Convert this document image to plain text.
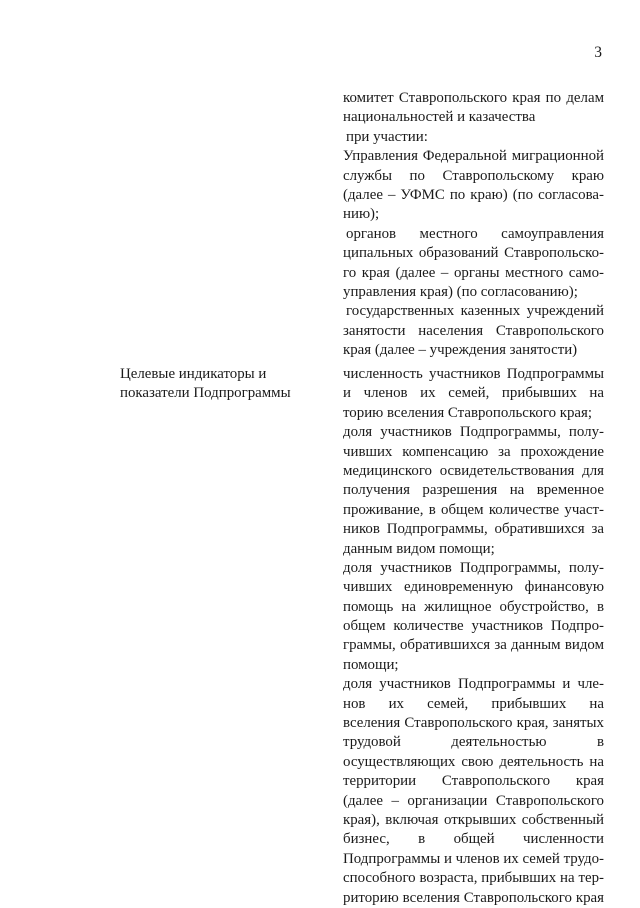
3
комитет Ставропольского края по делам
национальностей и казачества
при участии:
Управления Федеральной миграционной
службы по Ставропольскому краю
(далее – УФМС по краю) (по согласова-
нию);
органов местного самоуправления
ципальных образований Ставропольско-
го края (далее – органы местного само-
управления края) (по согласованию);
государственных казенных учреждений
занятости населения Ставропольского
края (далее – учреждения занятости)
Целевые индикаторы и
показатели Подпрограммы
численность участников Подпрограммы
и членов их семей, прибывших на
торию вселения Ставропольского края;
доля участников Подпрограммы, полу-
чивших компенсацию за прохождение
медицинского освидетельствования для
получения разрешения на временное
проживание, в общем количестве участ-
ников Подпрограммы, обратившихся за
данным видом помощи;
доля участников Подпрограммы, полу-
чивших единовременную финансовую
помощь на жилищное обустройство, в
общем количестве участников Подпро-
граммы, обратившихся за данным видом
помощи;
доля участников Подпрограммы и чле-
нов их семей, прибывших на
вселения Ставропольского края, занятых
трудовой деятельностью в
осуществляющих свою деятельность на
территории Ставропольского края
(далее – организации Ставропольского
края), включая открывших собственный
бизнес, в общей численности
Подпрограммы и членов их семей трудо-
способного возраста, прибывших на тер-
риторию вселения Ставропольского края
